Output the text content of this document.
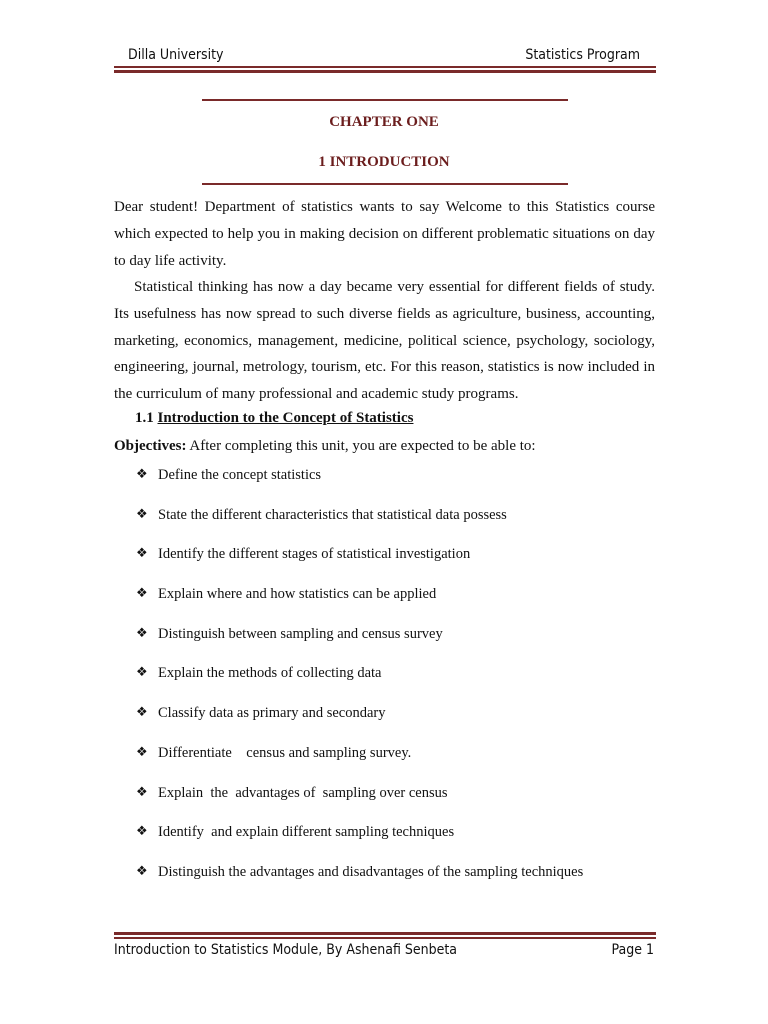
Dilla University	Statistics Program
CHAPTER ONE
1 INTRODUCTION
Dear student! Department of statistics wants to say Welcome to this Statistics course which expected to help you in making decision on different problematic situations on day to day life activity.
Statistical thinking has now a day became very essential for different fields of study. Its usefulness has now spread to such diverse fields as agriculture, business, accounting, marketing, economics, management, medicine, political science, psychology, sociology, engineering, journal, metrology, tourism, etc. For this reason, statistics is now included in the curriculum of many professional and academic study programs.
1.1 Introduction to the Concept of Statistics
Objectives: After completing this unit, you are expected to be able to:
❖ Define the concept statistics
❖ State the different characteristics that statistical data possess
❖ Identify the different stages of statistical investigation
❖ Explain where and how statistics can be applied
❖ Distinguish between sampling and census survey
❖ Explain the methods of collecting data
❖ Classify data as primary and secondary
❖ Differentiate    census and sampling survey.
❖ Explain  the  advantages of  sampling over census
❖ Identify  and explain different sampling techniques
❖ Distinguish the advantages and disadvantages of the sampling techniques
Introduction to Statistics Module, By Ashenafi Senbeta	Page 1
